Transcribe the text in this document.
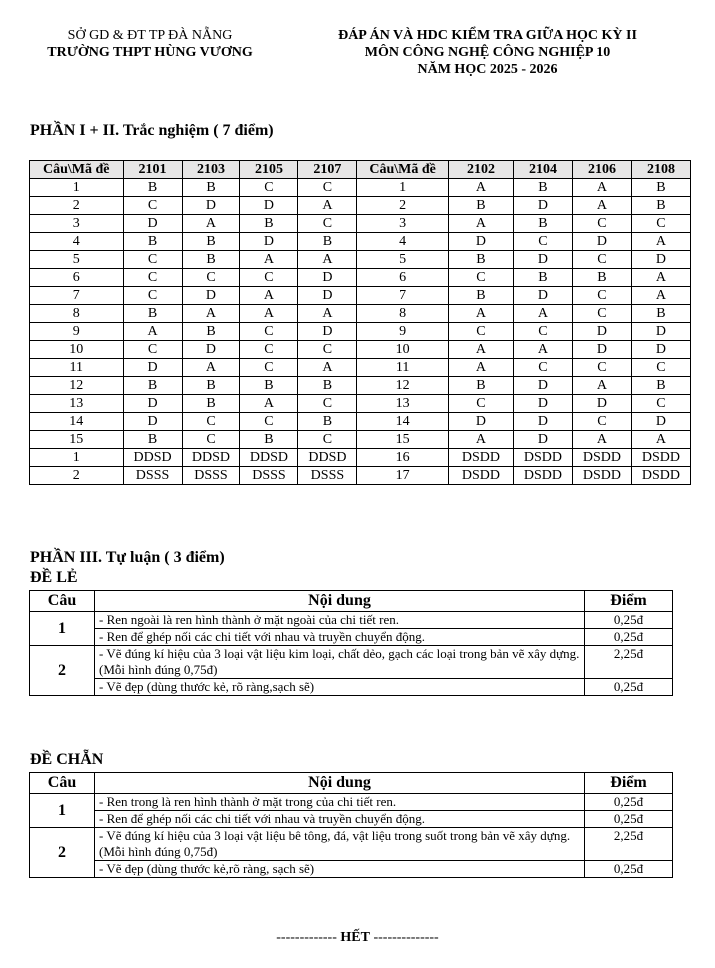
SỞ GD & ĐT TP ĐÀ NẴNG
TRƯỜNG THPT HÙNG VƯƠNG
ĐÁP ÁN VÀ HDC KIỂM TRA GIỮA HỌC KỲ II
MÔN CÔNG NGHỆ CÔNG NGHIỆP 10
NĂM HỌC 2025 - 2026
PHẦN I + II. Trắc nghiệm ( 7 điểm)
Câu\Mã đề	2101	2103	2105	2107	Câu\Mã đề	2102	2104	2106	2108
1	B	B	C	C	1	A	B	A	B
2	C	D	D	A	2	B	D	A	B
3	D	A	B	C	3	A	B	C	C
4	B	B	D	B	4	D	C	D	A
5	C	B	A	A	5	B	D	C	D
6	C	C	C	D	6	C	B	B	A
7	C	D	A	D	7	B	D	C	A
8	B	A	A	A	8	A	A	C	B
9	A	B	C	D	9	C	C	D	D
10	C	D	C	C	10	A	A	D	D
11	D	A	C	A	11	A	C	C	C
12	B	B	B	B	12	B	D	A	B
13	D	B	A	C	13	C	D	D	C
14	D	C	C	B	14	D	D	C	D
15	B	C	B	C	15	A	D	A	A
1	DDSD	DDSD	DDSD	DDSD	16	DSDD	DSDD	DSDD	DSDD
2	DSSS	DSSS	DSSS	DSSS	17	DSDD	DSDD	DSDD	DSDD
PHẦN III. Tự luận ( 3 điểm)
ĐỀ LẺ
Câu	Nội dung	Điểm
1	- Ren ngoài là ren hình thành ở mặt ngoài của chi tiết ren.	0,25đ
	- Ren để ghép nối các chi tiết với nhau và truyền chuyển động.	0,25đ
2	- Vẽ đúng kí hiệu của 3 loại vật liệu kim loại, chất dẻo, gạch các loại trong bản vẽ xây dựng. (Mỗi hình đúng 0,75đ)	2,25đ
	- Vẽ đẹp (dùng thước kẻ, rõ ràng,sạch sẽ)	0,25đ
ĐỀ CHẴN
Câu	Nội dung	Điểm
1	- Ren trong là ren hình thành ở mặt trong của chi tiết ren.	0,25đ
	- Ren để ghép nối các chi tiết với nhau và truyền chuyển động.	0,25đ
2	- Vẽ đúng kí hiệu của 3 loại vật liệu bê tông, đá, vật liệu trong suốt trong bản vẽ xây dựng. (Mỗi hình đúng 0,75đ)	2,25đ
	- Vẽ đẹp (dùng thước kẻ,rõ ràng, sạch sẽ)	0,25đ
------------- HẾT --------------
